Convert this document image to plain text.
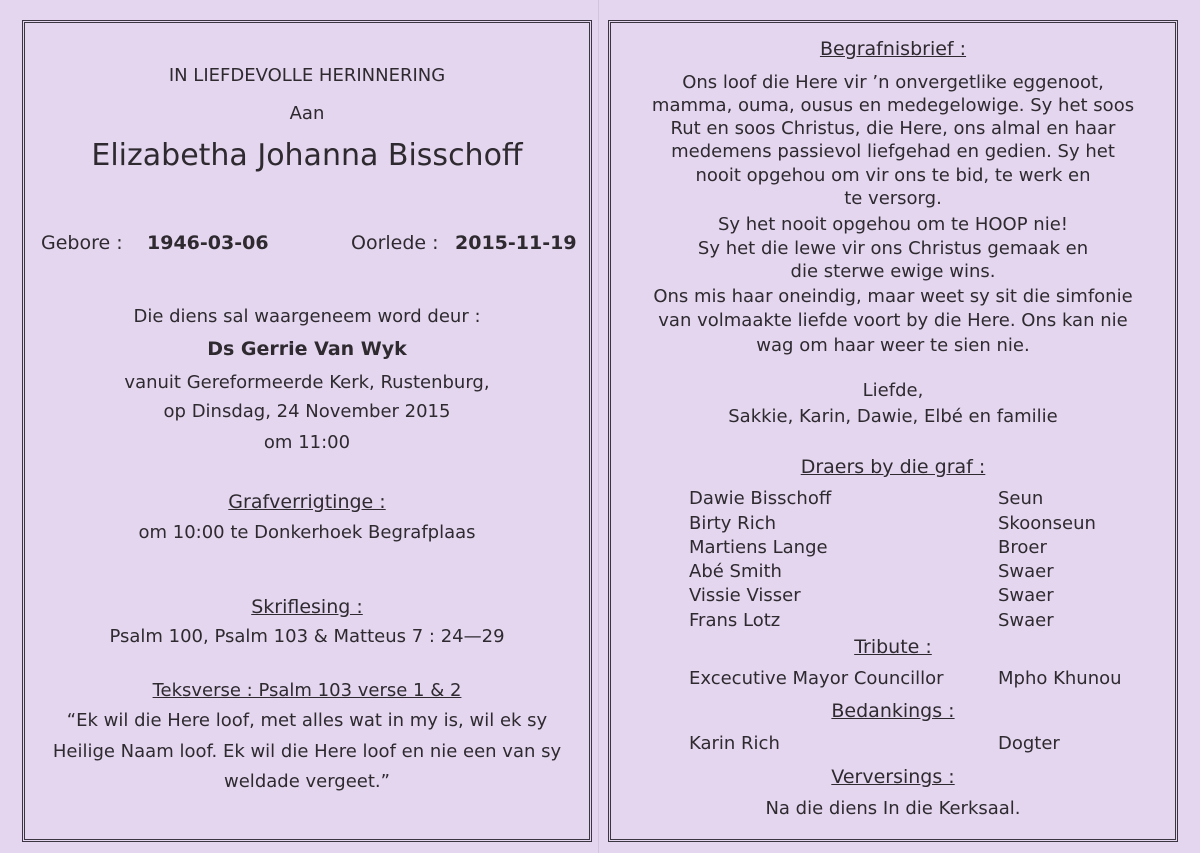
IN LIEFDEVOLLE HERINNERING
Aan
Elizabetha Johanna Bisschoff
Gebore : 1946-03-06	Oorlede : 2015-11-19
Die diens sal waargeneem word deur :
Ds Gerrie Van Wyk
vanuit Gereformeerde Kerk, Rustenburg,
op Dinsdag, 24 November 2015
om 11:00
Grafverrigtinge :
om 10:00 te Donkerhoek Begrafplaas
Skriflesing :
Psalm 100, Psalm 103 & Matteus 7 : 24—29
Teksverse : Psalm 103 verse 1 & 2
“Ek wil die Here loof, met alles wat in my is, wil ek sy
Heilige Naam loof. Ek wil die Here loof en nie een van sy
weldade vergeet.”
Begrafnisbrief :
Ons loof die Here vir ’n onvergetlike eggenoot,
mamma, ouma, ousus en medegelowige. Sy het soos
Rut en soos Christus, die Here, ons almal en haar
medemens passievol liefgehad en gedien. Sy het
nooit opgehou om vir ons te bid, te werk en
te versorg.
Sy het nooit opgehou om te HOOP nie!
Sy het die lewe vir ons Christus gemaak en
die sterwe ewige wins.
Ons mis haar oneindig, maar weet sy sit die simfonie
van volmaakte liefde voort by die Here. Ons kan nie
wag om haar weer te sien nie.
Liefde,
Sakkie, Karin, Dawie, Elbé en familie
Draers by die graf :
Dawie Bisschoff	Seun
Birty Rich	Skoonseun
Martiens Lange	Broer
Abé Smith	Swaer
Vissie Visser	Swaer
Frans Lotz	Swaer
Tribute :
Excecutive Mayor Councillor	Mpho Khunou
Bedankings :
Karin Rich	Dogter
Verversings :
Na die diens In die Kerksaal.
